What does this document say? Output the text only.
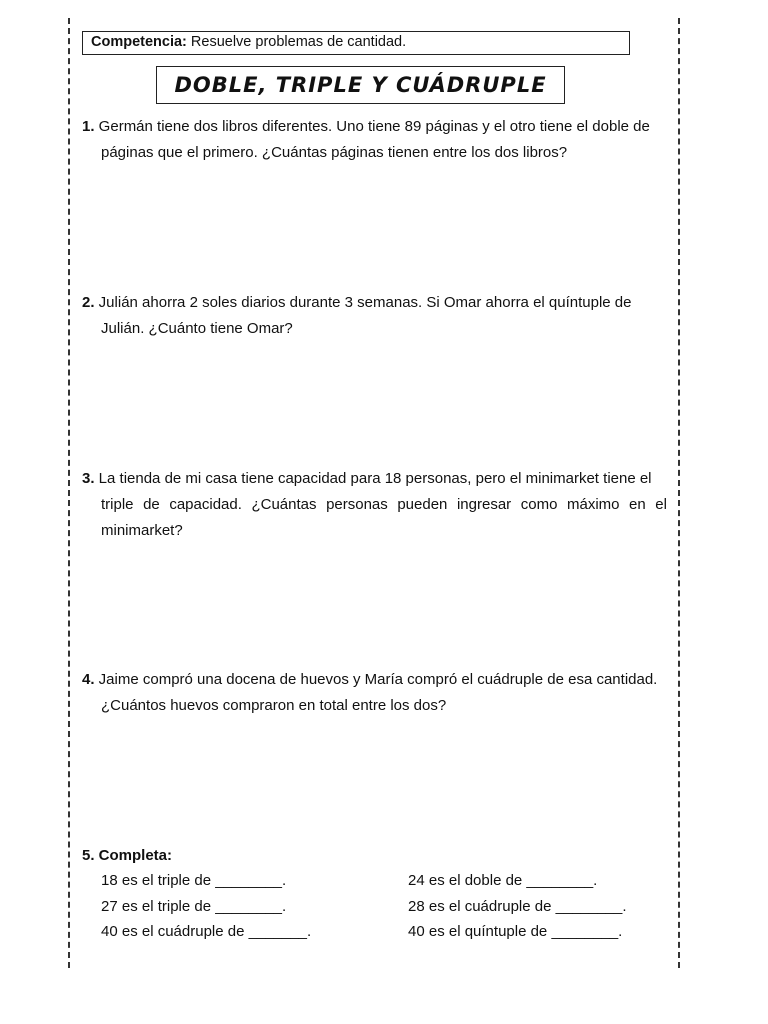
Competencia: Resuelve problemas de cantidad.
DOBLE, TRIPLE Y CUÁDRUPLE
1. Germán tiene dos libros diferentes. Uno tiene 89 páginas y el otro tiene el doble de
páginas que el primero. ¿Cuántas páginas tienen entre los dos libros?
2. Julián ahorra 2 soles diarios durante 3 semanas. Si Omar ahorra el quíntuple de
Julián. ¿Cuánto tiene Omar?
3. La tienda de mi casa tiene capacidad para 18 personas, pero el minimarket tiene el
triple de capacidad. ¿Cuántas personas pueden ingresar como máximo en el minimarket?
4. Jaime compró una docena de huevos y María compró el cuádruple de esa cantidad.
¿Cuántos huevos compraron en total entre los dos?
5. Completa:
18 es el triple de ________.
27 es el triple de ________.
40 es el cuádruple de _______.
24 es el doble de ________.
28 es el cuádruple de ________.
40 es el quíntuple de ________.
